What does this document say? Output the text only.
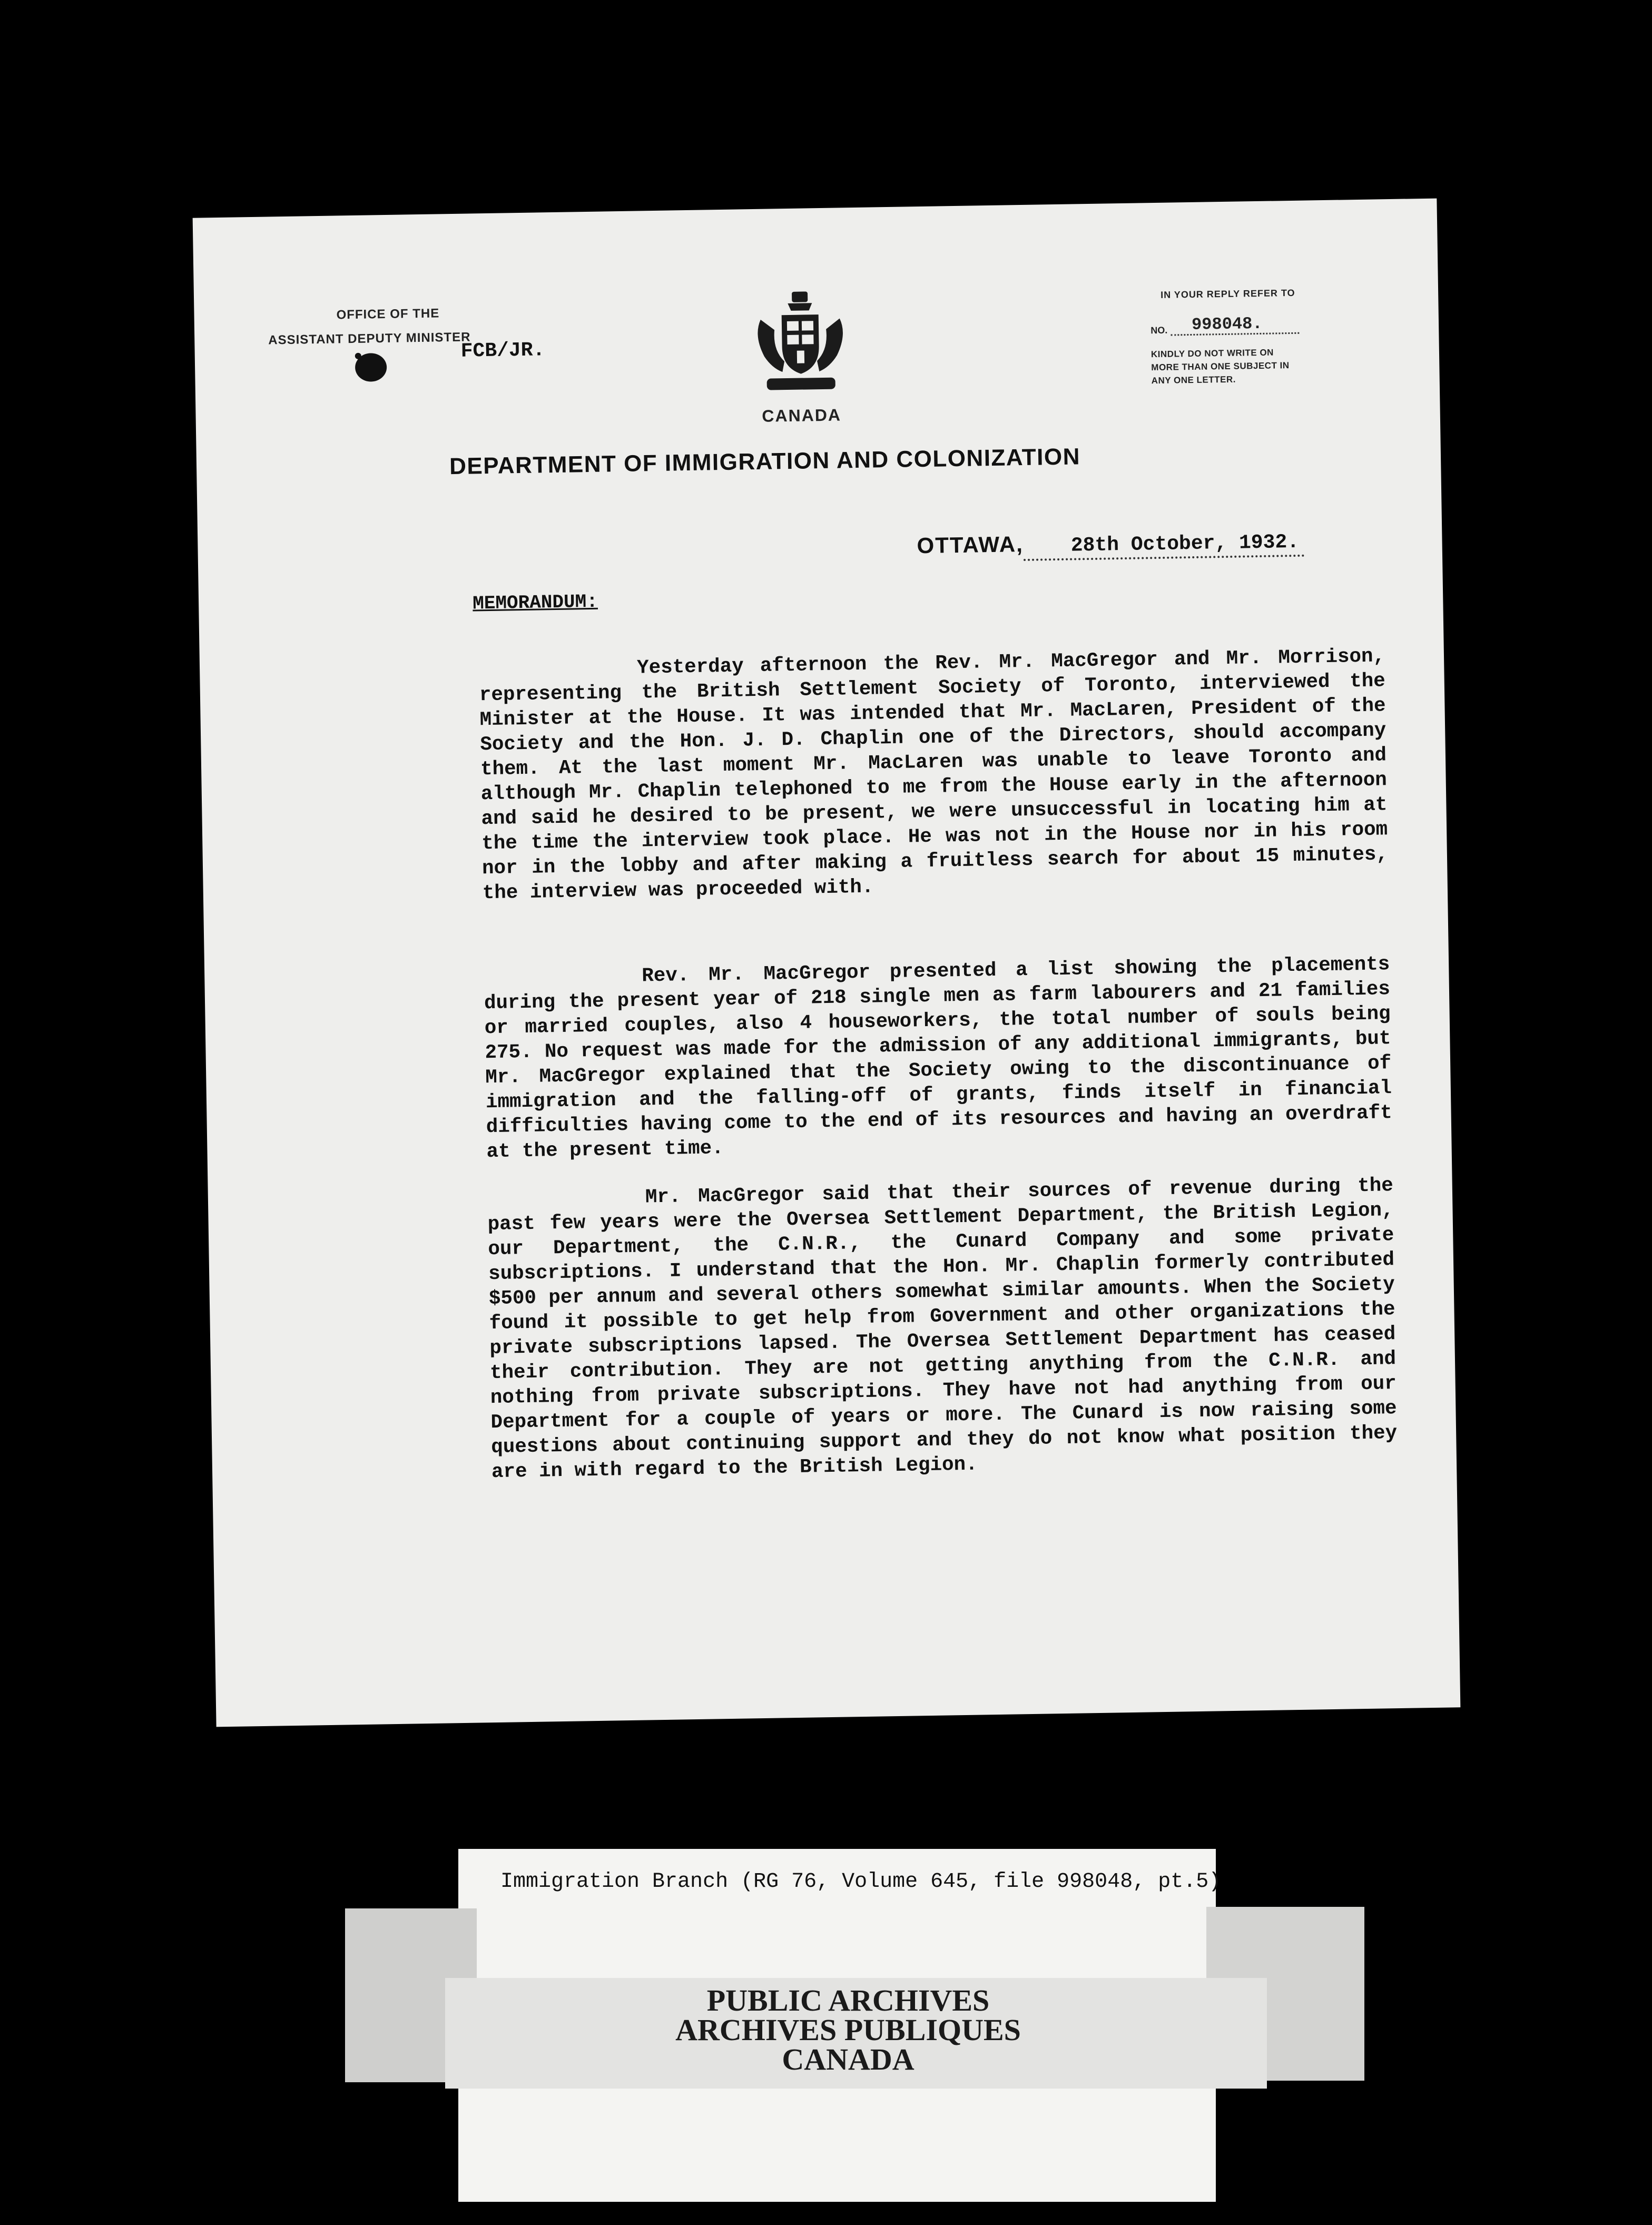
OFFICE OF THE
ASSISTANT DEPUTY MINISTER
FCB/JR.
CANADA
IN YOUR REPLY REFER TO
NO.	998048.
KINDLY DO NOT WRITE ON
MORE THAN ONE SUBJECT IN
ANY ONE LETTER.
DEPARTMENT OF IMMIGRATION AND COLONIZATION
OTTAWA, 28th October, 1932.
MEMORANDUM:
Yesterday afternoon the Rev. Mr. MacGregor and Mr. Morrison, representing the British Settlement Society of Toronto, interviewed the Minister at the House. It was intended that Mr. MacLaren, President of the Society and the Hon. J. D. Chaplin one of the Directors, should accompany them. At the last moment Mr. MacLaren was unable to leave Toronto and although Mr. Chaplin telephoned to me from the House early in the afternoon and said he desired to be present, we were unsuccessful in locating him at the time the interview took place. He was not in the House nor in his room nor in the lobby and after making a fruitless search for about 15 minutes, the interview was proceeded with.
Rev. Mr. MacGregor presented a list showing the placements during the present year of 218 single men as farm labourers and 21 families or married couples, also 4 houseworkers, the total number of souls being 275. No request was made for the admission of any additional immigrants, but Mr. MacGregor explained that the Society owing to the discontinuance of immigration and the falling-off of grants, finds itself in financial difficulties having come to the end of its resources and having an overdraft at the present time.
Mr. MacGregor said that their sources of revenue during the past few years were the Oversea Settlement Department, the British Legion, our Department, the C.N.R., the Cunard Company and some private subscriptions. I understand that the Hon. Mr. Chaplin formerly contributed $500 per annum and several others somewhat similar amounts. When the Society found it possible to get help from Government and other organizations the private subscriptions lapsed. The Oversea Settlement Department has ceased their contribution. They are not getting anything from the C.N.R. and nothing from private subscriptions. They have not had anything from our Department for a couple of years or more. The Cunard is now raising some questions about continuing support and they do not know what position they are in with regard to the British Legion.
Immigration Branch (RG 76, Volume 645, file 998048, pt.5)
PUBLIC ARCHIVES
ARCHIVES PUBLIQUES
CANADA
